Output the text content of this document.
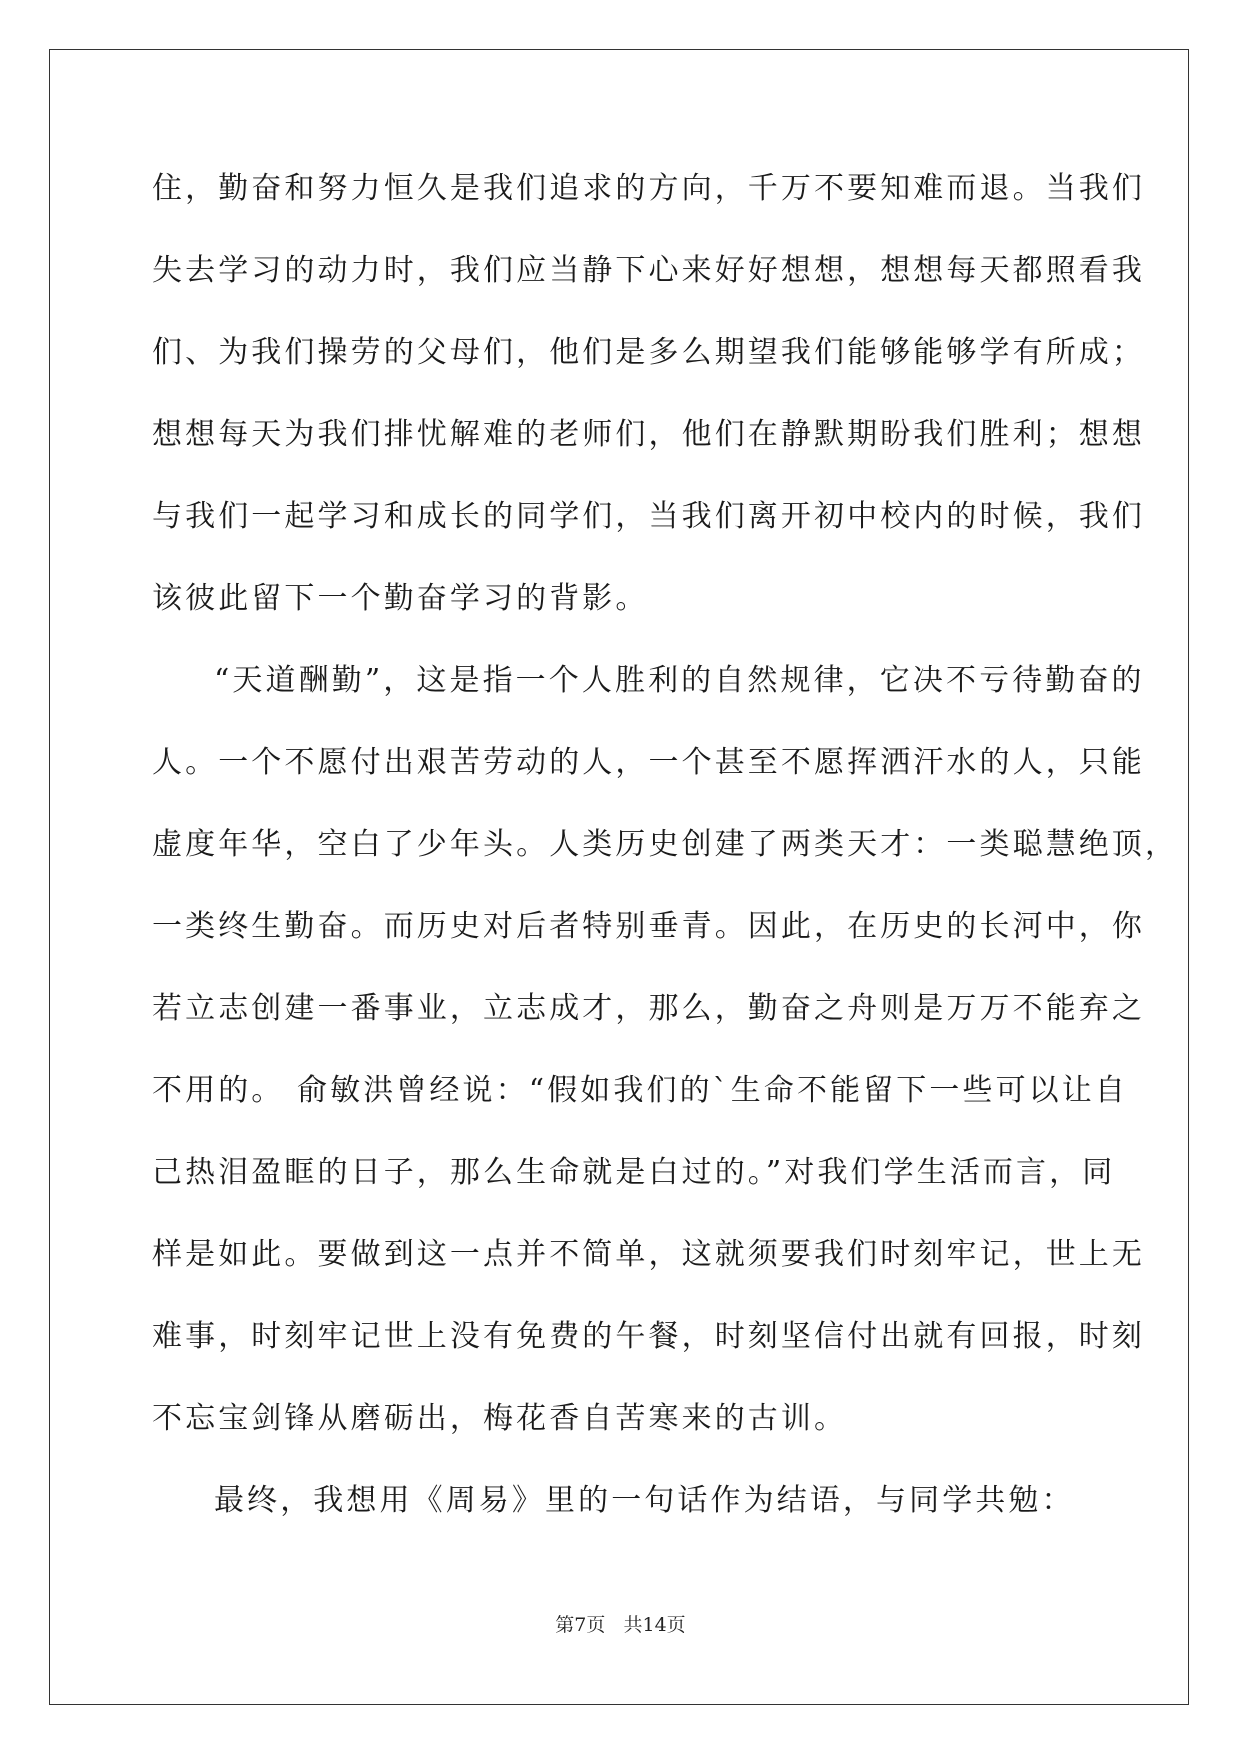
住，勤奋和努力恒久是我们追求的方向，千万不要知难而退。当我们
失去学习的动力时，我们应当静下心来好好想想，想想每天都照看我
们、为我们操劳的父母们，他们是多么期望我们能够能够学有所成；
想想每天为我们排忧解难的老师们，他们在静默期盼我们胜利；想想
与我们一起学习和成长的同学们，当我们离开初中校内的时候，我们
该彼此留下一个勤奋学习的背影。
“天道酬勤”，这是指一个人胜利的自然规律，它决不亏待勤奋的
人。一个不愿付出艰苦劳动的人，一个甚至不愿挥洒汗水的人，只能
虚度年华，空白了少年头。人类历史创建了两类天才：一类聪慧绝顶，
一类终生勤奋。而历史对后者特别垂青。因此，在历史的长河中，你
若立志创建一番事业，立志成才，那么，勤奋之舟则是万万不能弃之
不用的。 俞敏洪曾经说：“假如我们的`生命不能留下一些可以让自
己热泪盈眶的日子，那么生命就是白过的。”对我们学生活而言，同
样是如此。要做到这一点并不简单，这就须要我们时刻牢记，世上无
难事，时刻牢记世上没有免费的午餐，时刻坚信付出就有回报，时刻
不忘宝剑锋从磨砺出，梅花香自苦寒来的古训。
最终，我想用《周易》里的一句话作为结语，与同学共勉：
第7页   共14页
